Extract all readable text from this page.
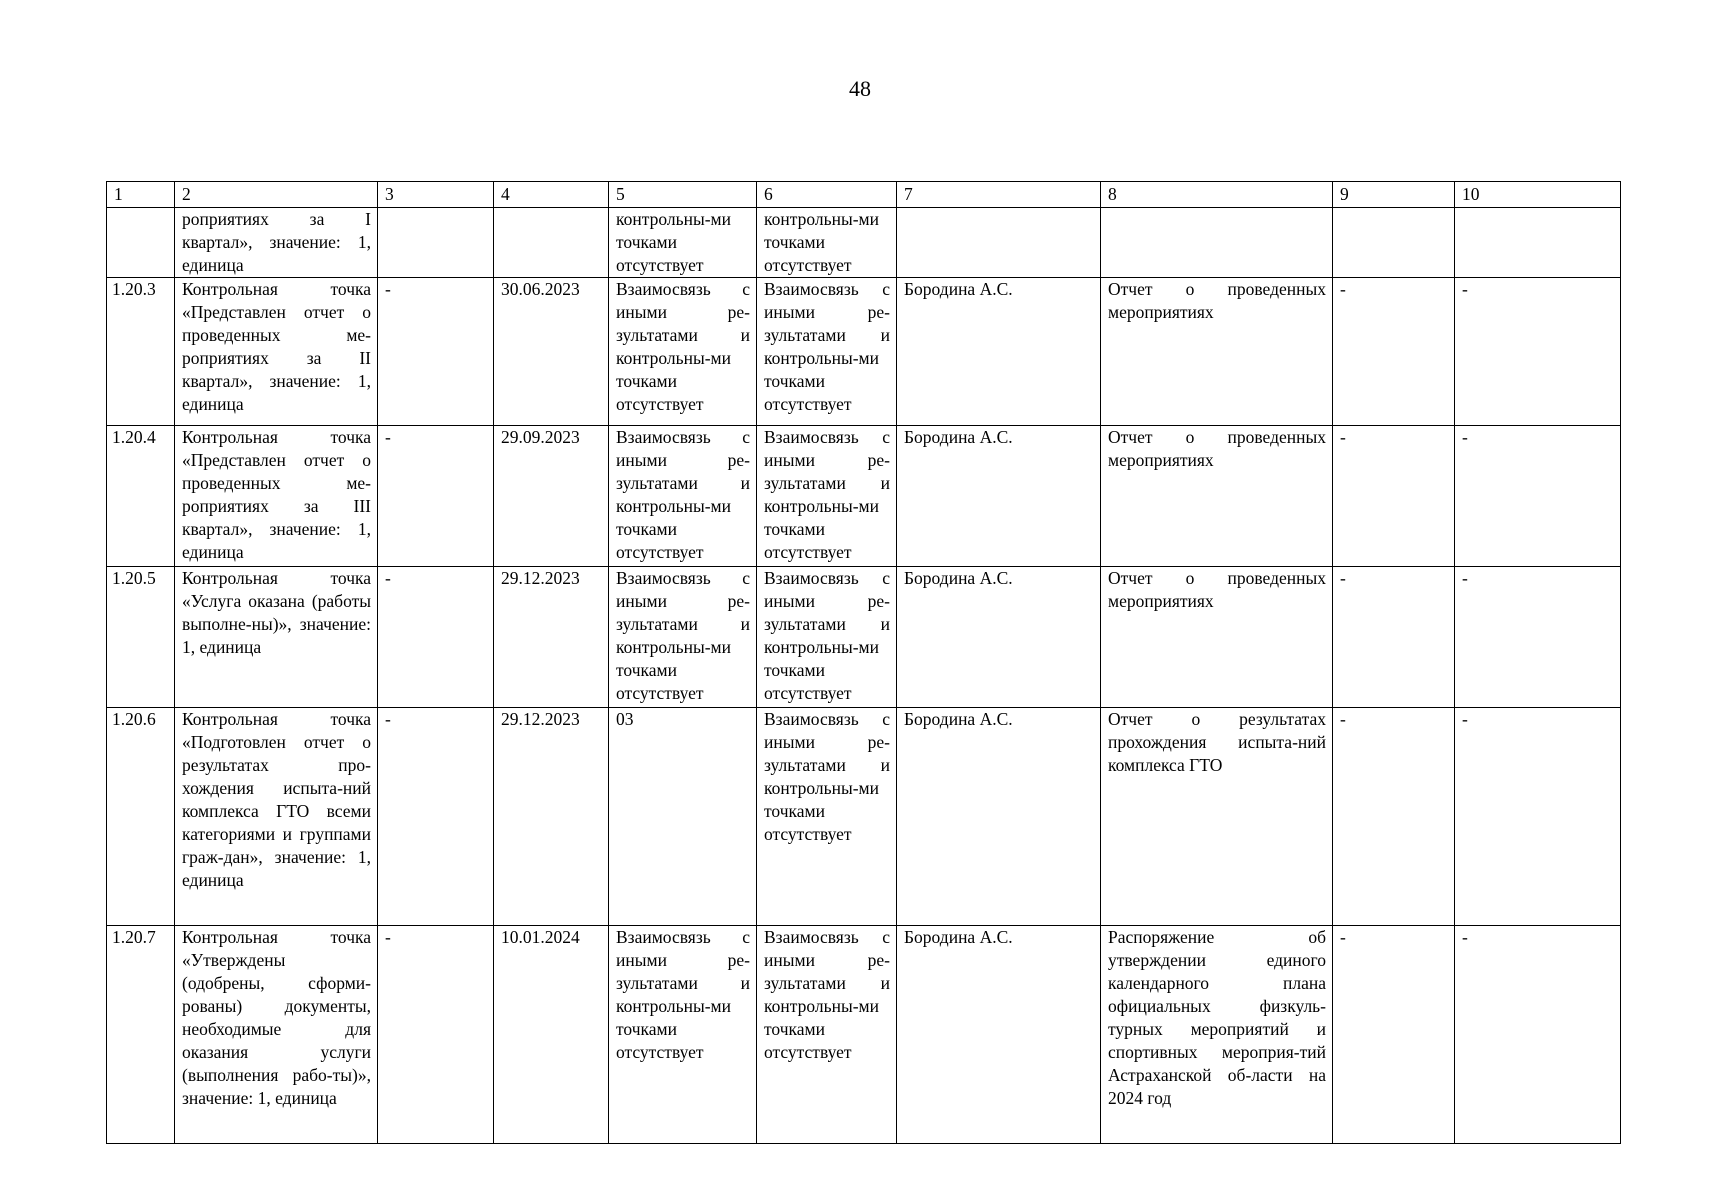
48
1	2	3	4	5	6	7	8	9	10
	роприятиях за I квартал», значение: 1, единица			контрольны-ми точками отсутствует	контрольны-ми точками отсутствует				
1.20.3	Контрольная точка «Представлен отчет о проведенных ме-роприятиях за II квартал», значение: 1, единица	-	30.06.2023	Взаимосвязь с иными ре-зультатами и контрольны-ми точками отсутствует	Взаимосвязь с иными ре-зультатами и контрольны-ми точками отсутствует	Бородина А.С.	Отчет о проведенных мероприятиях	-	-
1.20.4	Контрольная точка «Представлен отчет о проведенных ме-роприятиях за III квартал», значение: 1, единица	-	29.09.2023	Взаимосвязь с иными ре-зультатами и контрольны-ми точками отсутствует	Взаимосвязь с иными ре-зультатами и контрольны-ми точками отсутствует	Бородина А.С.	Отчет о проведенных мероприятиях	-	-
1.20.5	Контрольная точка «Услуга оказана (работы выполне-ны)», значение: 1, единица	-	29.12.2023	Взаимосвязь с иными ре-зультатами и контрольны-ми точками отсутствует	Взаимосвязь с иными ре-зультатами и контрольны-ми точками отсутствует	Бородина А.С.	Отчет о проведенных мероприятиях	-	-
1.20.6	Контрольная точка «Подготовлен отчет о результатах про-хождения испыта-ний комплекса ГТО всеми категориями и группами граж-дан», значение: 1, единица	-	29.12.2023	03	Взаимосвязь с иными ре-зультатами и контрольны-ми точками отсутствует	Бородина А.С.	Отчет о результатах прохождения испыта-ний комплекса ГТО	-	-
1.20.7	Контрольная точка «Утверждены (одобрены, сформи-рованы) документы, необходимые для оказания услуги (выполнения рабо-ты)», значение: 1, единица	-	10.01.2024	Взаимосвязь с иными ре-зультатами и контрольны-ми точками отсутствует	Взаимосвязь с иными ре-зультатами и контрольны-ми точками отсутствует	Бородина А.С.	Распоряжение об утверждении единого календарного плана официальных физкуль-турных мероприятий и спортивных мероприя-тий Астраханской об-ласти на 2024 год	-	-
